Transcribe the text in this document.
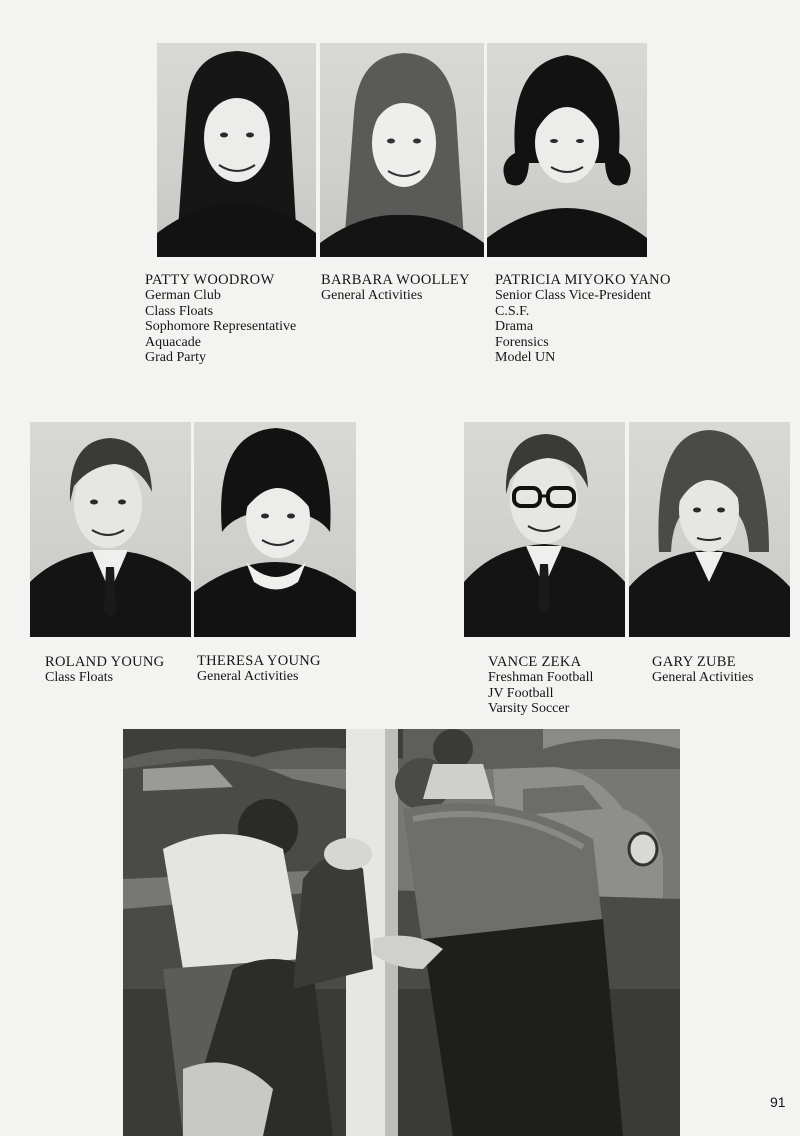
PATTY WOODROW
German Club
Class Floats
Sophomore Representative
Aquacade
Grad Party
BARBARA WOOLLEY
General Activities
PATRICIA MIYOKO YANO
Senior Class Vice-President
C.S.F.
Drama
Forensics
Model UN
ROLAND YOUNG
Class Floats
THERESA YOUNG
General Activities
VANCE ZEKA
Freshman Football
JV Football
Varsity Soccer
GARY ZUBE
General Activities
91
